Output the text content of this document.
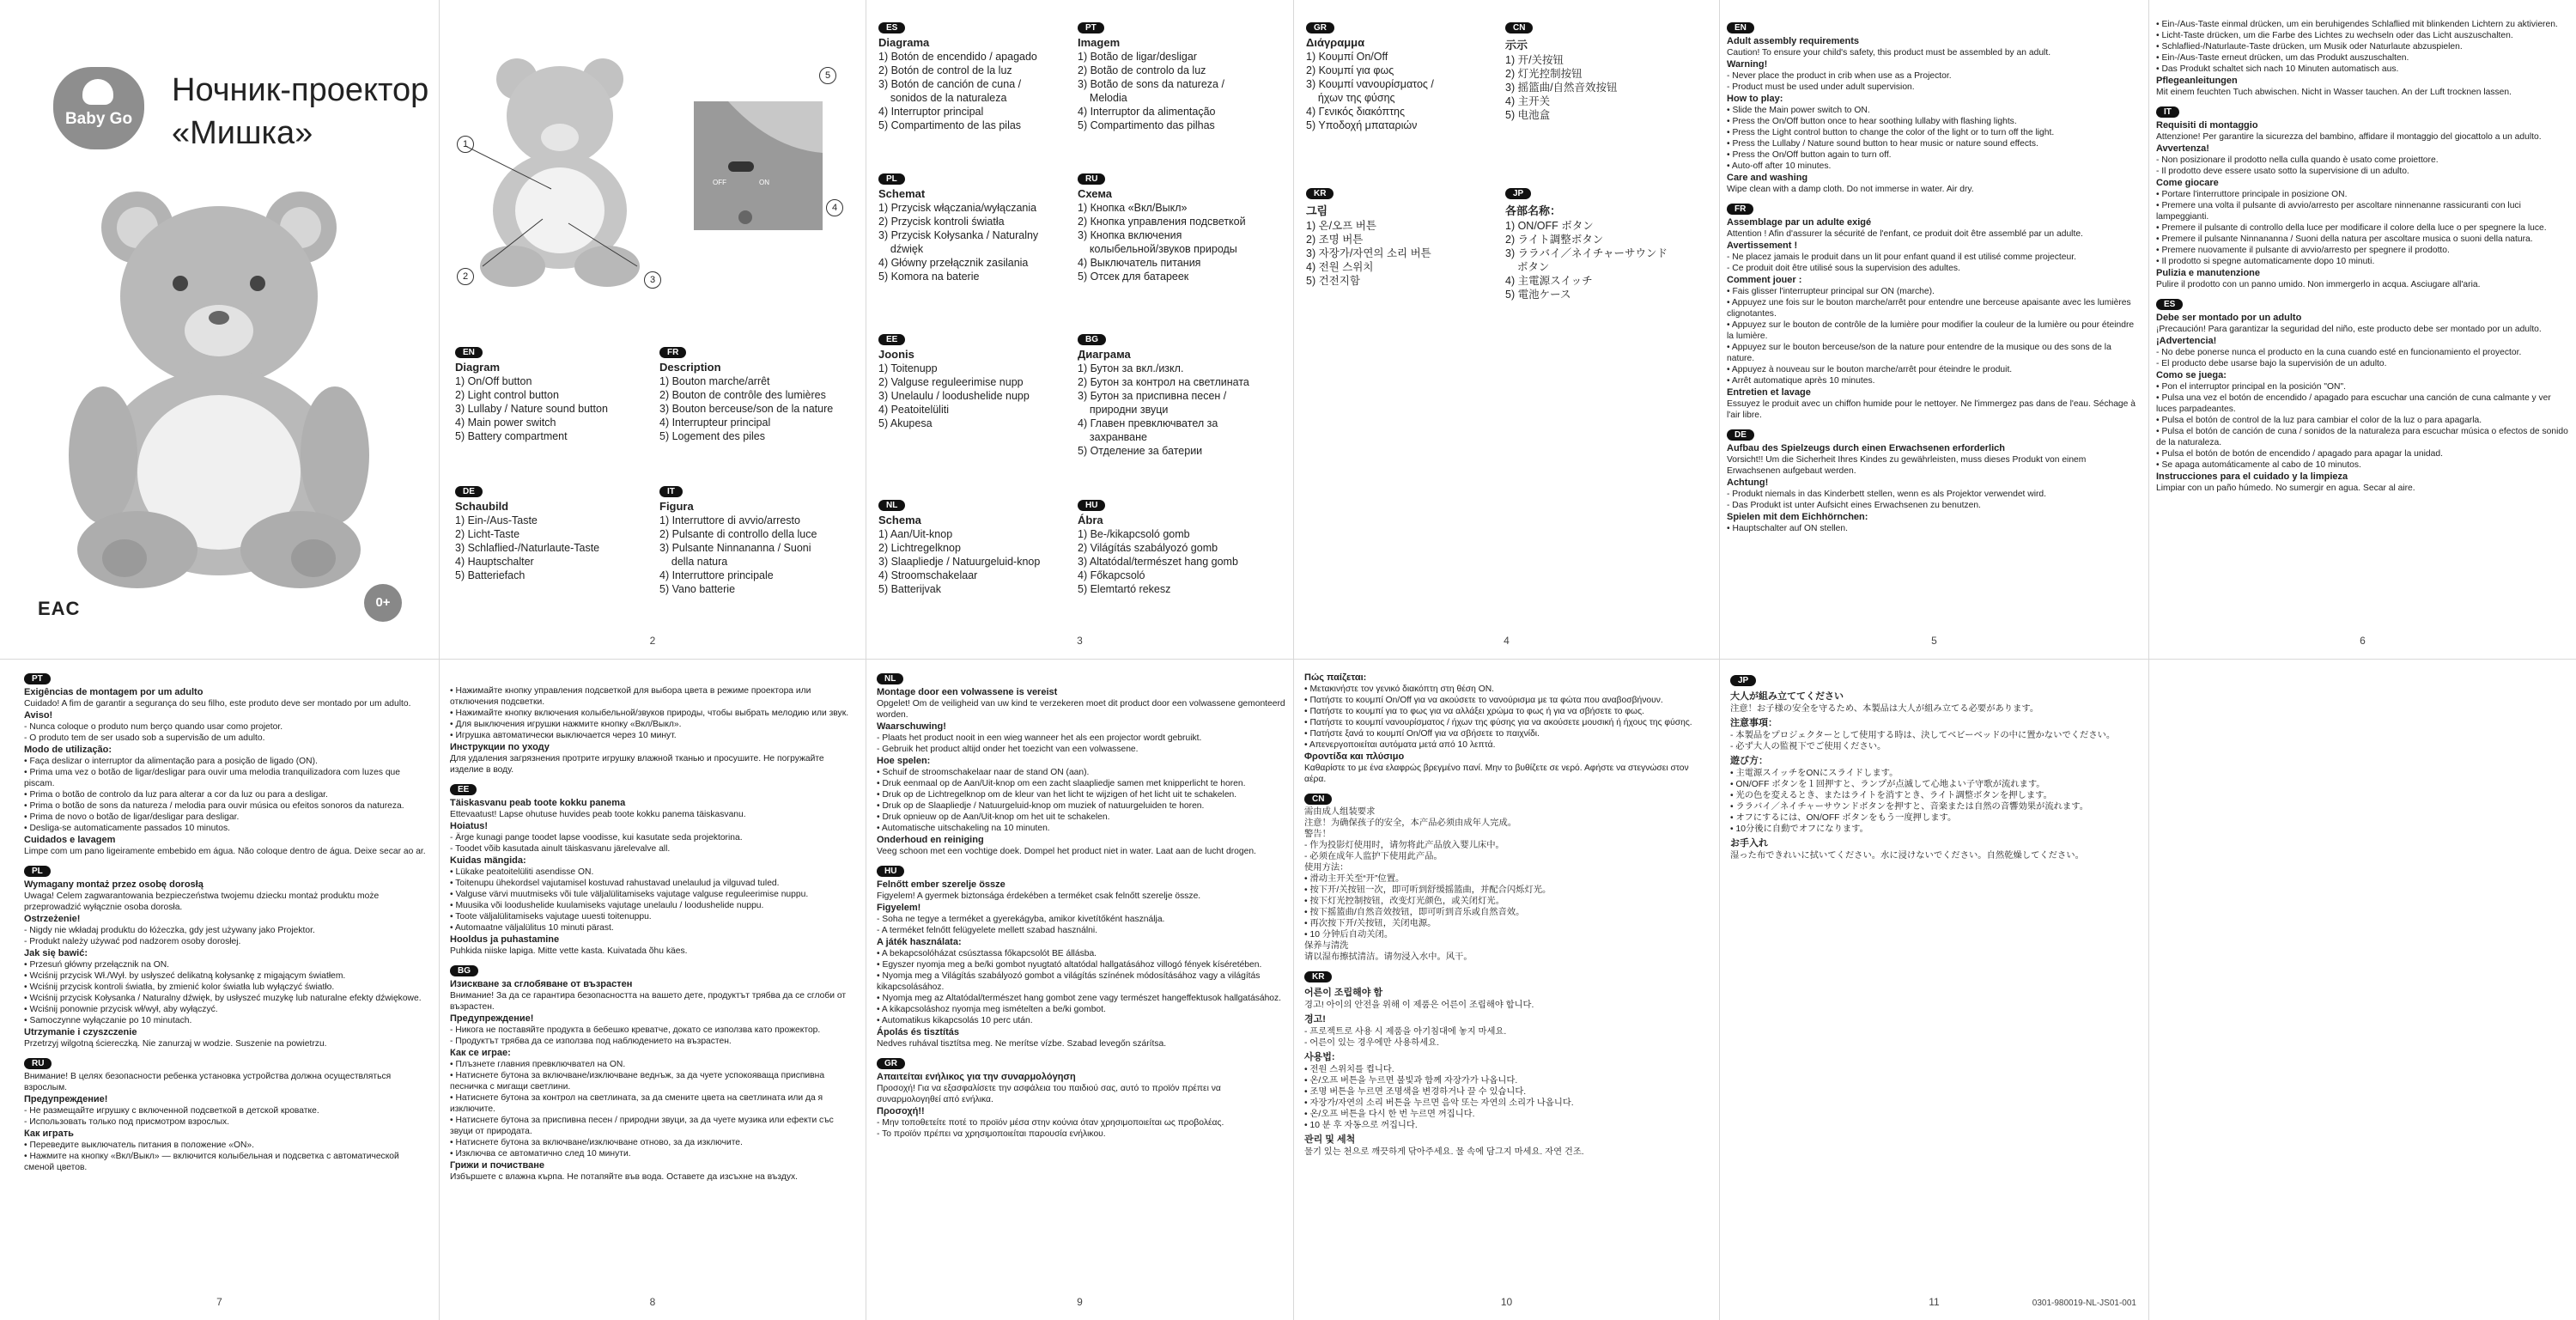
Baby Go
Ночник-проектор
«Мишка»
EAC	0+
1
2	3
OFF	ON
5
4
EN
Diagram
1) On/Off button
2) Light control button
3) Lullaby / Nature sound button
4) Main power switch
5) Battery compartment
FR
Description
1) Bouton marche/arrêt
2) Bouton de contrôle des lumières
3) Bouton berceuse/son de la nature
4) Interrupteur principal
5) Logement des piles
DE
Schaubild
1) Ein-/Aus-Taste
2) Licht-Taste
3) Schlaflied-/Naturlaute-Taste
4) Hauptschalter
5) Batteriefach
IT
Figura
1) Interruttore di avvio/arresto
2) Pulsante di controllo della luce
3) Pulsante Ninnananna / Suoni
della natura
4) Interruttore principale
5) Vano batterie
2
ES
Diagrama
1) Botón de encendido / apagado
2) Botón de control de la luz
3) Botón de canción de cuna /
sonidos de la naturaleza
4) Interruptor principal
5) Compartimento de las pilas
PT
Imagem
1) Botão de ligar/desligar
2) Botão de controlo da luz
3) Botão de sons da natureza /
Melodia
4) Interruptor da alimentação
5) Compartimento das pilhas
PL
Schemat
1) Przycisk włączania/wyłączania
2) Przycisk kontroli światła
3) Przycisk Kołysanka / Naturalny
dźwięk
4) Główny przełącznik zasilania
5) Komora na baterie
RU
Схема
1) Кнопка «Вкл/Выкл»
2) Кнопка управления подсветкой
3) Кнопка включения
колыбельной/звуков природы
4) Выключатель питания
5) Отсек для батареек
EE
Joonis
1) Toitenupp
2) Valguse reguleerimise nupp
3) Unelaulu / loodushelide nupp
4) Peatoitelüliti
5) Akupesa
BG
Диаграма
1) Бутон за вкл./изкл.
2) Бутон за контрол на светлината
3) Бутон за приспивна песен /
природни звуци
4) Главен превключвател за
захранване
5) Отделение за батерии
NL
Schema
1) Aan/Uit-knop
2) Lichtregelknop
3) Slaapliedje / Natuurgeluid-knop
4) Stroomschakelaar
5) Batterijvak
HU
Ábra
1) Be-/kikapcsoló gomb
2) Világítás szabályozó gomb
3) Altatódal/természet hang gomb
4) Főkapcsoló
5) Elemtartó rekesz
3
GR
Διάγραμμα
1) Κουμπί On/Off
2) Κουμπί για φως
3) Κουμπί νανουρίσματος /
ήχων της φύσης
4) Γενικός διακόπτης
5) Υποδοχή μπαταριών
CN
示示
1) 开/关按钮
2) 灯光控制按钮
3) 摇篮曲/自然音效按钮
4) 主开关
5) 电池盒
KR
그림
1) 온/오프 버튼
2) 조명 버튼
3) 자장가/자연의 소리 버튼
4) 전원 스위치
5) 건전지함
JP
各部名称：
1) ON/OFF ボタン
2) ライト調整ボタン
3) ララバイ／ネイチャーサウンド
ボタン
4) 主電源スイッチ
5) 電池ケース
4
EN
Adult assembly requirements
Caution! To ensure your child's safety, this product must be assembled by an adult.
Warning!
- Never place the product in crib when use as a Projector.
- Product must be used under adult supervision.
How to play:
• Slide the Main power switch to ON.
• Press the On/Off button once to hear soothing lullaby with flashing lights.
• Press the Light control button to change the color of the light or to turn off the light.
• Press the Lullaby / Nature sound button to hear music or nature sound effects.
• Press the On/Off button again to turn off.
• Auto-off after 10 minutes.
Care and washing
Wipe clean with a damp cloth. Do not immerse in water. Air dry.
FR
Assemblage par un adulte exigé
Attention ! Afin d'assurer la sécurité de l'enfant, ce produit doit être assemblé par un adulte.
Avertissement !
- Ne placez jamais le produit dans un lit pour enfant quand il est utilisé comme projecteur.
- Ce produit doit être utilisé sous la supervision des adultes.
Comment jouer :
• Fais glisser l'interrupteur principal sur ON (marche).
• Appuyez une fois sur le bouton marche/arrêt pour entendre une berceuse apaisante avec les lumières clignotantes.
• Appuyez sur le bouton de contrôle de la lumière pour modifier la couleur de la lumière ou pour éteindre la lumière.
• Appuyez sur le bouton berceuse/son de la nature pour entendre de la musique ou des sons de la nature.
• Appuyez à nouveau sur le bouton marche/arrêt pour éteindre le produit.
• Arrêt automatique après 10 minutes.
Entretien et lavage
Essuyez le produit avec un chiffon humide pour le nettoyer. Ne l'immergez pas dans de l'eau. Séchage à l'air libre.
DE
Aufbau des Spielzeugs durch einen Erwachsenen erforderlich
Vorsicht!! Um die Sicherheit Ihres Kindes zu gewährleisten, muss dieses Produkt von einem Erwachsenen aufgebaut werden.
Achtung!
- Produkt niemals in das Kinderbett stellen, wenn es als Projektor verwendet wird.
- Das Produkt ist unter Aufsicht eines Erwachsenen zu benutzen.
Spielen mit dem Eichhörnchen:
• Hauptschalter auf ON stellen.
5
• Ein-/Aus-Taste einmal drücken, um ein beruhigendes Schlaflied mit blinkenden Lichtern zu aktivieren.
• Licht-Taste drücken, um die Farbe des Lichtes zu wechseln oder das Licht auszuschalten.
• Schlaflied-/Naturlaute-Taste drücken, um Musik oder Naturlaute abzuspielen.
• Ein-/Aus-Taste erneut drücken, um das Produkt auszuschalten.
• Das Produkt schaltet sich nach 10 Minuten automatisch aus.
Pflegeanleitungen
Mit einem feuchten Tuch abwischen. Nicht in Wasser tauchen. An der Luft trocknen lassen.
IT
Requisiti di montaggio
Attenzione! Per garantire la sicurezza del bambino, affidare il montaggio del giocattolo a un adulto.
Avvertenza!
- Non posizionare il prodotto nella culla quando è usato come proiettore.
- Il prodotto deve essere usato sotto la supervisione di un adulto.
Come giocare
• Portare l'interruttore principale in posizione ON.
• Premere una volta il pulsante di avvio/arresto per ascoltare ninnenanne rassicuranti con luci lampeggianti.
• Premere il pulsante di controllo della luce per modificare il colore della luce o per spegnere la luce.
• Premere il pulsante Ninnananna / Suoni della natura per ascoltare musica o suoni della natura.
• Premere nuovamente il pulsante di avvio/arresto per spegnere il prodotto.
• Il prodotto si spegne automaticamente dopo 10 minuti.
Pulizia e manutenzione
Pulire il prodotto con un panno umido. Non immergerlo in acqua. Asciugare all'aria.
ES
Debe ser montado por un adulto
¡Precaución! Para garantizar la seguridad del niño, este producto debe ser montado por un adulto.
¡Advertencia!
- No debe ponerse nunca el producto en la cuna cuando esté en funcionamiento el proyector.
- El producto debe usarse bajo la supervisión de un adulto.
Como se juega:
• Pon el interruptor principal en la posición "ON".
• Pulsa una vez el botón de encendido / apagado para escuchar una canción de cuna calmante y ver luces parpadeantes.
• Pulsa el botón de control de la luz para cambiar el color de la luz o para apagarla.
• Pulsa el botón de canción de cuna / sonidos de la naturaleza para escuchar música o efectos de sonido de la naturaleza.
• Pulsa el botón de botón de encendido / apagado para apagar la unidad.
• Se apaga automáticamente al cabo de 10 minutos.
Instrucciones para el cuidado y la limpieza
Limpiar con un paño húmedo. No sumergir en agua. Secar al aire.
6
PT
Exigências de montagem por um adulto
Cuidado! A fim de garantir a segurança do seu filho, este produto deve ser montado por um adulto.
Aviso!
- Nunca coloque o produto num berço quando usar como projetor.
- O produto tem de ser usado sob a supervisão de um adulto.
Modo de utilização:
• Faça deslizar o interruptor da alimentação para a posição de ligado (ON).
• Prima uma vez o botão de ligar/desligar para ouvir uma melodia tranquilizadora com luzes que piscam.
• Prima o botão de controlo da luz para alterar a cor da luz ou para a desligar.
• Prima o botão de sons da natureza / melodia para ouvir música ou efeitos sonoros da natureza.
• Prima de novo o botão de ligar/desligar para desligar.
• Desliga-se automaticamente passados 10 minutos.
Cuidados e lavagem
Limpe com um pano ligeiramente embebido em água. Não coloque dentro de água. Deixe secar ao ar.
PL
Wymagany montaż przez osobę dorosłą
Uwaga! Celem zagwarantowania bezpieczeństwa twojemu dziecku montaż produktu może przeprowadzić wyłącznie osoba dorosła.
Ostrzeżenie!
- Nigdy nie wkładaj produktu do łóżeczka, gdy jest używany jako Projektor.
- Produkt należy używać pod nadzorem osoby dorosłej.
Jak się bawić:
• Przesuń główny przełącznik na ON.
• Wciśnij przycisk Wł./Wył. by usłyszeć delikatną kołysankę z migającym światłem.
• Wciśnij przycisk kontroli światła, by zmienić kolor światła lub wyłączyć światło.
• Wciśnij przycisk Kołysanka / Naturalny dźwięk, by usłyszeć muzykę lub naturalne efekty dźwiękowe.
• Wciśnij ponownie przycisk wł/wył, aby wyłączyć.
• Samoczynne wyłączanie po 10 minutach.
Utrzymanie i czyszczenie
Przetrzyj wilgotną ściereczką. Nie zanurzaj w wodzie. Suszenie na powietrzu.
RU
Внимание! В целях безопасности ребенка установка устройства должна осуществляться взрослым.
Предупреждение!
- Не размещайте игрушку с включенной подсветкой в детской кроватке.
- Использовать только под присмотром взрослых.
Как играть
• Переведите выключатель питания в положение «ON».
• Нажмите на кнопку «Вкл/Выкл» — включится колыбельная и подсветка с автоматической сменой цветов.
7
• Нажимайте кнопку управления подсветкой для выбора цвета в режиме проектора или отключения подсветки.
• Нажимайте кнопку включения колыбельной/звуков природы, чтобы выбрать мелодию или звук.
• Для выключения игрушки нажмите кнопку «Вкл/Выкл».
• Игрушка автоматически выключается через 10 минут.
Инструкции по уходу
Для удаления загрязнения протрите игрушку влажной тканью и просушите. Не погружайте изделие в воду.
EE
Täiskasvanu peab toote kokku panema
Ettevaatust! Lapse ohutuse huvides peab toote kokku panema täiskasvanu.
Hoiatus!
- Ärge kunagi pange toodet lapse voodisse, kui kasutate seda projektorina.
- Toodet võib kasutada ainult täiskasvanu järelevalve all.
Kuidas mängida:
• Lükake peatoitelüliti asendisse ON.
• Toitenupu ühekordsel vajutamisel kostuvad rahustavad unelaulud ja vilguvad tuled.
• Valguse värvi muutmiseks või tule väljalülitamiseks vajutage valguse reguleerimise nuppu.
• Muusika või loodushelide kuulamiseks vajutage unelaulu / loodushelide nuppu.
• Toote väljalülitamiseks vajutage uuesti toitenuppu.
• Automaatne väljalülitus 10 minuti pärast.
Hooldus ja puhastamine
Puhkida niiske lapiga. Mitte vette kasta. Kuivatada õhu käes.
BG
Изискване за сглобяване от възрастен
Внимание! За да се гарантира безопасността на вашето дете, продуктът трябва да се сглоби от възрастен.
Предупреждение!
- Никога не поставяйте продукта в бебешко креватче, докато се използва като прожектор.
- Продуктът трябва да се използва под наблюдението на възрастен.
Как се играе:
• Плъзнете главния превключвател на ON.
• Натиснете бутона за включване/изключване веднъж, за да чуете успокояваща приспивна песничка с мигащи светлини.
• Натиснете бутона за контрол на светлината, за да смените цвета на светлината или да я изключите.
• Натиснете бутона за приспивна песен / природни звуци, за да чуете музика или ефекти със звуци от природата.
• Натиснете бутона за включване/изключване отново, за да изключите.
• Изключва се автоматично след 10 минути.
Грижи и почистване
Избършете с влажна кърпа. Не потапяйте във вода. Оставете да изсъхне на въздух.
8
NL
Montage door een volwassene is vereist
Opgelet! Om de veiligheid van uw kind te verzekeren moet dit product door een volwassene gemonteerd worden.
Waarschuwing!
- Plaats het product nooit in een wieg wanneer het als een projector wordt gebruikt.
- Gebruik het product altijd onder het toezicht van een volwassene.
Hoe spelen:
• Schuif de stroomschakelaar naar de stand ON (aan).
• Druk eenmaal op de Aan/Uit-knop om een zacht slaapliedje samen met knipperlicht te horen.
• Druk op de Lichtregelknop om de kleur van het licht te wijzigen of het licht uit te schakelen.
• Druk op de Slaapliedje / Natuurgeluid-knop om muziek of natuurgeluiden te horen.
• Druk opnieuw op de Aan/Uit-knop om het uit te schakelen.
• Automatische uitschakeling na 10 minuten.
Onderhoud en reiniging
Veeg schoon met een vochtige doek. Dompel het product niet in water. Laat aan de lucht drogen.
HU
Felnőtt ember szerelje össze
Figyelem! A gyermek biztonsága érdekében a terméket csak felnőtt szerelje össze.
Figyelem!
- Soha ne tegye a terméket a gyerekágyba, amikor kivetítőként használja.
- A terméket felnőtt felügyelete mellett szabad használni.
A játék használata:
• A bekapcsolóházat csúsztassa főkapcsolót BE állásba.
• Egyszer nyomja meg a be/ki gombot nyugtató altatódal hallgatásához villogó fények kíséretében.
• Nyomja meg a Világítás szabályozó gombot a világítás színének módosításához vagy a világítás kikapcsolásához.
• Nyomja meg az Altatódal/természet hang gombot zene vagy természet hangeffektusok hallgatásához.
• A kikapcsoláshoz nyomja meg ismételten a be/ki gombot.
• Automatikus kikapcsolás 10 perc után.
Ápolás és tisztítás
Nedves ruhával tisztítsa meg. Ne merítse vízbe. Szabad levegőn szárítsa.
GR
Απαιτείται ενήλικος για την συναρμολόγηση
Προσοχή! Για να εξασφαλίσετε την ασφάλεια του παιδιού σας, αυτό το προϊόν πρέπει να συναρμολογηθεί από ενήλικα.
Προσοχή!!
- Μην τοποθετείτε ποτέ το προϊόν μέσα στην κούνια όταν χρησιμοποιείται ως προβολέας.
- Το προϊόν πρέπει να χρησιμοποιείται παρουσία ενήλικου.
9
Πώς παίζεται:
• Μετακινήστε τον γενικό διακόπτη στη θέση ON.
• Πατήστε το κουμπί On/Off για να ακούσετε το νανούρισμα με τα φώτα που αναβοσβήνουν.
• Πατήστε το κουμπί για το φως για να αλλάξει χρώμα το φως ή για να σβήσετε το φως.
• Πατήστε το κουμπί νανουρίσματος / ήχων της φύσης για να ακούσετε μουσική ή ήχους της φύσης.
• Πατήστε ξανά το κουμπί On/Off για να σβήσετε το παιχνίδι.
• Απενεργοποιείται αυτόματα μετά από 10 λεπτά.
Φροντίδα και πλύσιμο
Καθαρίστε το με ένα ελαφρώς βρεγμένο πανί. Μην το βυθίζετε σε νερό. Αφήστε να στεγνώσει στον αέρα.
CN
需由成人组装要求
注意！为确保孩子的安全，本产品必须由成年人完成。
警告！
- 作为投影灯使用时，请勿将此产品放入婴儿床中。
- 必须在成年人监护下使用此产品。
使用方法：
• 滑动主开关至“开”位置。
• 按下开/关按钮一次，即可听到舒缓摇篮曲，并配合闪烁灯光。
• 按下灯光控制按钮，改变灯光颜色，或关闭灯光。
• 按下摇篮曲/自然音效按钮，即可听到音乐或自然音效。
• 再次按下开/关按钮，关闭电源。
• 10 分钟后自动关闭。
保养与清洗
请以湿布擦拭清洁。请勿浸入水中。风干。
KR
어른이 조립해야 함
경고! 아이의 안전을 위해 이 제품은 어른이 조립해야 합니다.
경고!
- 프로젝트로 사용 시 제품을 아기침대에 놓지 마세요.
- 어른이 있는 경우에만 사용하세요.
사용법:
• 전원 스위치를 켭니다.
• 온/오프 버튼을 누르면 불빛과 함께 자장가가 나옵니다.
• 조명 버튼을 누르면 조명색을 변경하거나 끌 수 있습니다.
• 자장가/자연의 소리 버튼을 누르면 음악 또는 자연의 소리가 나옵니다.
• 온/오프 버튼을 다시 한 번 누르면 꺼집니다.
• 10 분 후 자동으로 꺼집니다.
관리 및 세척
물기 있는 천으로 깨끗하게 닦아주세요. 물 속에 담그지 마세요. 자연 건조.
10
JP
大人が組み立ててください
注意！お子様の安全を守るため、本製品は大人が組み立てる必要があります。
注意事項：
- 本製品をプロジェクターとして使用する時は、決してベビーベッドの中に置かないでください。
- 必ず大人の監視下でご使用ください。
遊び方：
• 主電源スイッチをONにスライドします。
• ON/OFF ボタンを１回押すと、ランプが点滅して心地よい子守歌が流れます。
• 光の色を変えるとき、またはライトを消すとき、ライト調整ボタンを押します。
• ララバイ／ネイチャーサウンドボタンを押すと、音楽または自然の音響効果が流れます。
• オフにするには、ON/OFF ボタンをもう一度押します。
• 10分後に自動でオフになります。
お手入れ
湿った布できれいに拭いてください。水に浸けないでください。自然乾燥してください。
11	0301-980019-NL-JS01-001
